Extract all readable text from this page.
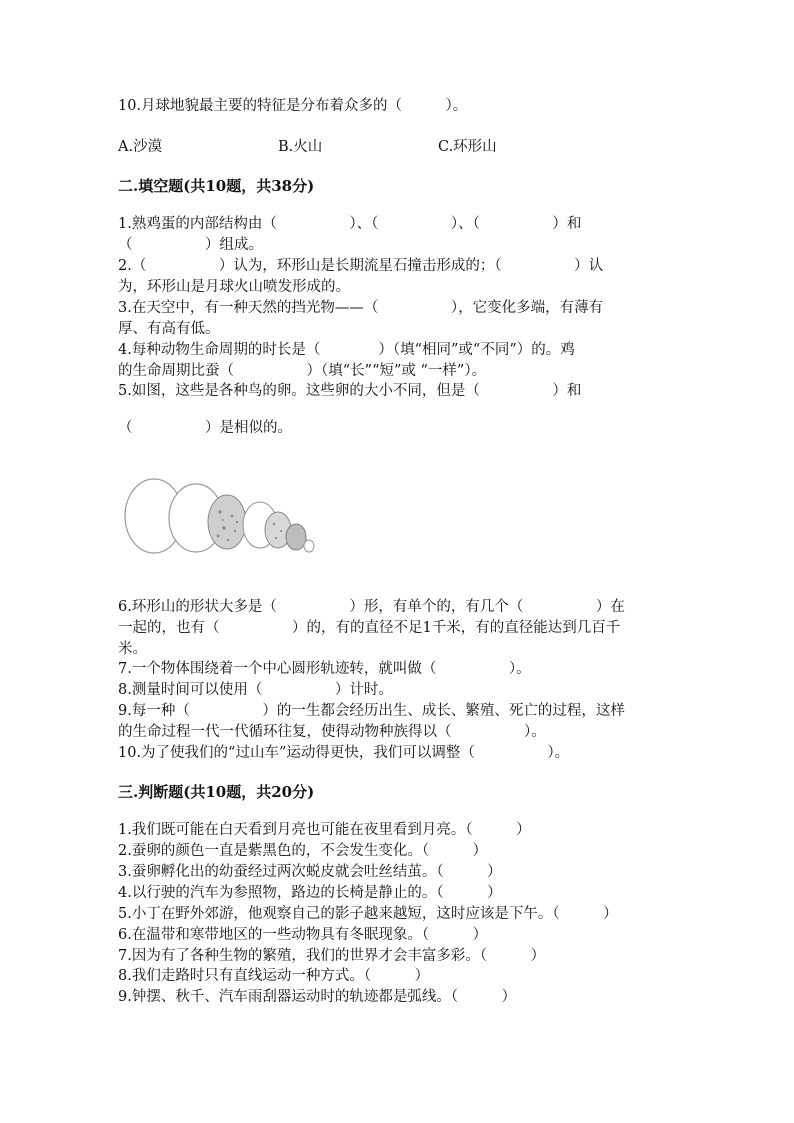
10.月球地貌最主要的特征是分布着众多的（　　　）。
A.沙漠	B.火山	C.环形山
二.填空题(共10题，共38分)
1.熟鸡蛋的内部结构由（　　　　　）、（　　　　　）、（　　　　　）和
（　　　　　）组成。
2.（　　　　　）认为，环形山是长期流星石撞击形成的；（　　　　　）认
为，环形山是月球火山喷发形成的。
3.在天空中，有一种天然的挡光物——（　　　　　），它变化多端，有薄有
厚、有高有低。
4.每种动物生命周期的时长是（　　　　）（填“相同”或“不同”）的。鸡
的生命周期比蚕（　　　　　）（填“长”“短”或 “一样”）。
5.如图，这些是各种鸟的卵。这些卵的大小不同，但是（　　　　　）和
（　　　　　）是相似的。
6.环形山的形状大多是（　　　　　）形，有单个的，有几个（　　　　　）在
一起的，也有（　　　　　）的，有的直径不足1千米，有的直径能达到几百千
米。
7.一个物体围绕着一个中心圆形轨迹转，就叫做（　　　　　）。
8.测量时间可以使用（　　　　　）计时。
9.每一种（　　　　　）的一生都会经历出生、成长、繁殖、死亡的过程，这样
的生命过程一代一代循环往复，使得动物种族得以（　　　　　）。
10.为了使我们的“过山车”运动得更快，我们可以调整（　　　　　）。
三.判断题(共10题，共20分)
1.我们既可能在白天看到月亮也可能在夜里看到月亮。（　　　）
2.蚕卵的颜色一直是紫黑色的，不会发生变化。（　　　）
3.蚕卵孵化出的幼蚕经过两次蜕皮就会吐丝结茧。（　　　）
4.以行驶的汽车为参照物，路边的长椅是静止的。（　　　）
5.小丁在野外郊游，他观察自己的影子越来越短，这时应该是下午。（　　　）
6.在温带和寒带地区的一些动物具有冬眠现象。（　　　）
7.因为有了各种生物的繁殖，我们的世界才会丰富多彩。（　　　）
8.我们走路时只有直线运动一种方式。（　　　）
9.钟摆、秋千、汽车雨刮器运动时的轨迹都是弧线。（　　　）
